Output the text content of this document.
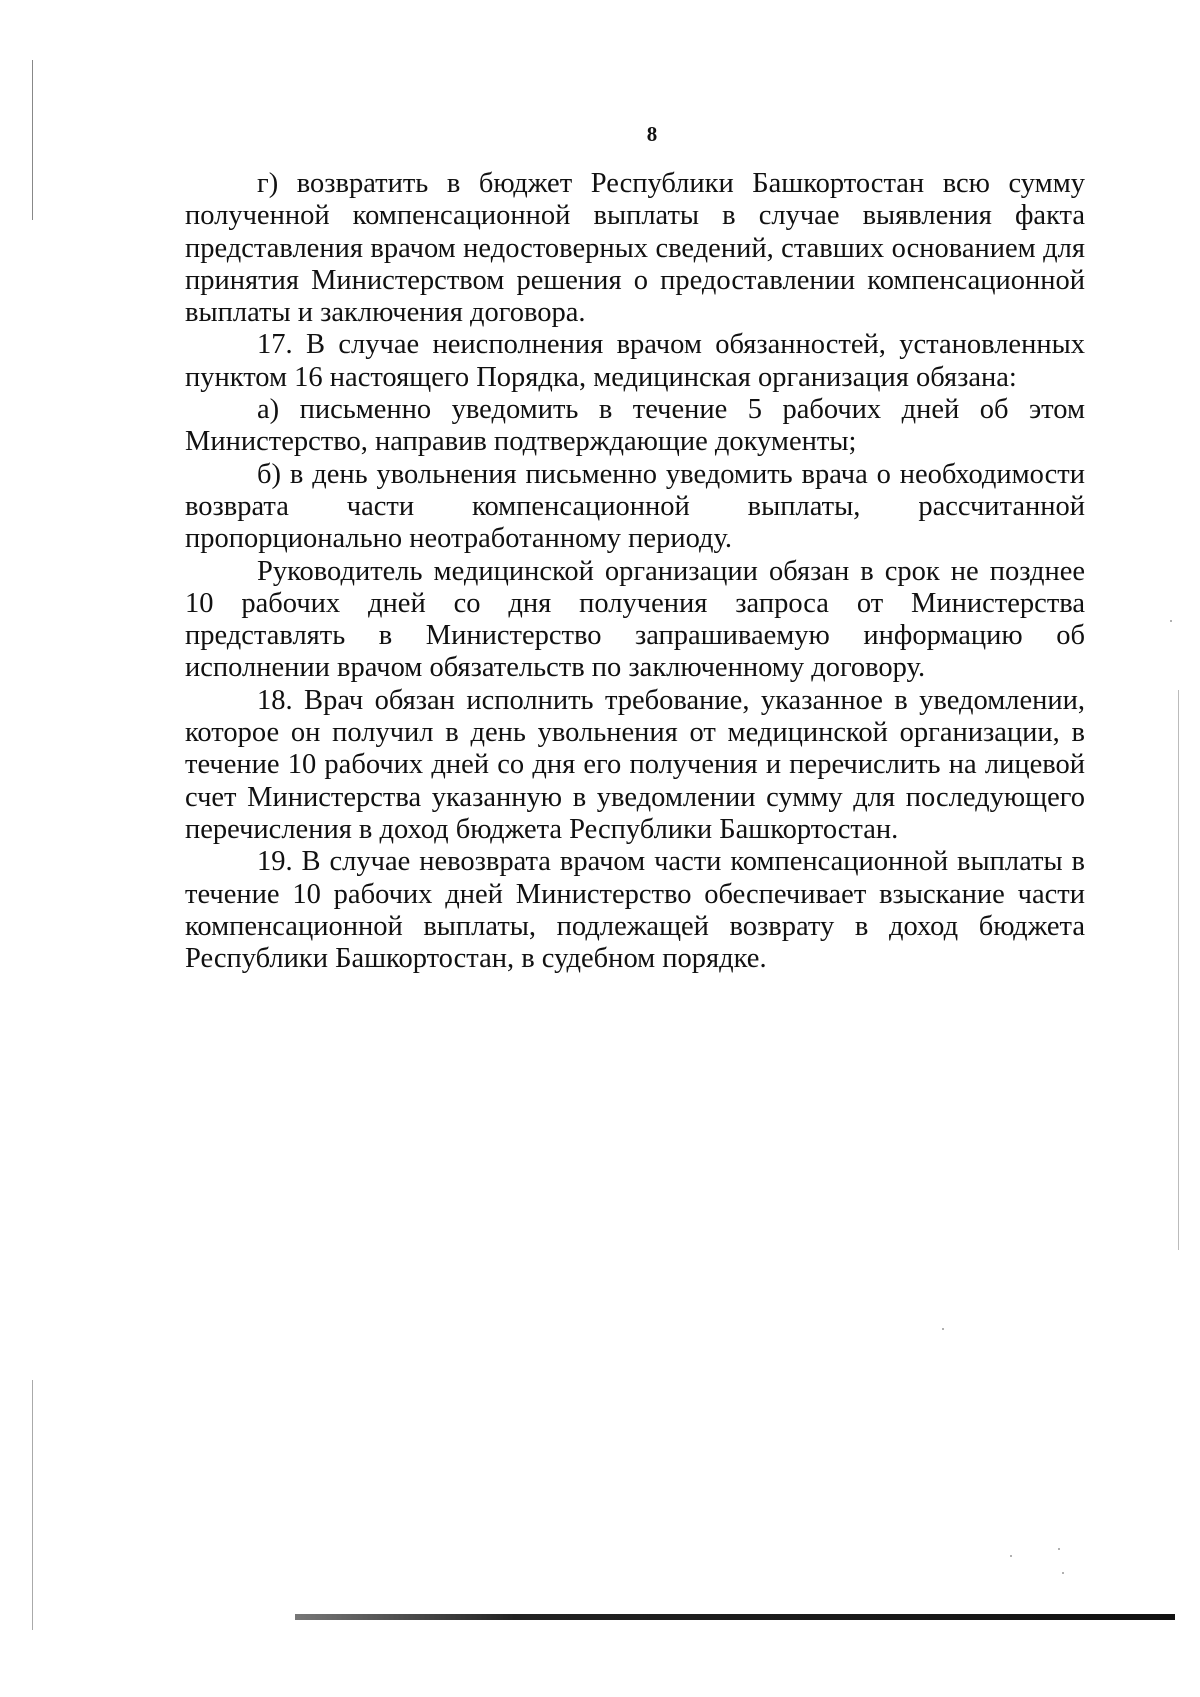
8

г) возвратить в бюджет Республики Башкортостан всю сумму полученной компенсационной выплаты в случае выявления факта представления врачом недостоверных сведений, ставших основанием для принятия Министерством решения о предоставлении компенсационной выплаты и заключения договора.

17. В случае неисполнения врачом обязанностей, установленных пунктом 16 настоящего Порядка, медицинская организация обязана:

а) письменно уведомить в течение 5 рабочих дней об этом Министерство, направив подтверждающие документы;

б) в день увольнения письменно уведомить врача о необходимости возврата части компенсационной выплаты, рассчитанной пропорционально неотработанному периоду.

Руководитель медицинской организации обязан в срок не позднее 10 рабочих дней со дня получения запроса от Министерства представлять в Министерство запрашиваемую информацию об исполнении врачом обязательств по заключенному договору.

18. Врач обязан исполнить требование, указанное в уведомлении, которое он получил в день увольнения от медицинской организации, в течение 10 рабочих дней со дня его получения и перечислить на лицевой счет Министерства указанную в уведомлении сумму для последующего перечисления в доход бюджета Республики Башкортостан.

19. В случае невозврата врачом части компенсационной выплаты в течение 10 рабочих дней Министерство обеспечивает взыскание части компенсационной выплаты, подлежащей возврату в доход бюджета Республики Башкортостан, в судебном порядке.
